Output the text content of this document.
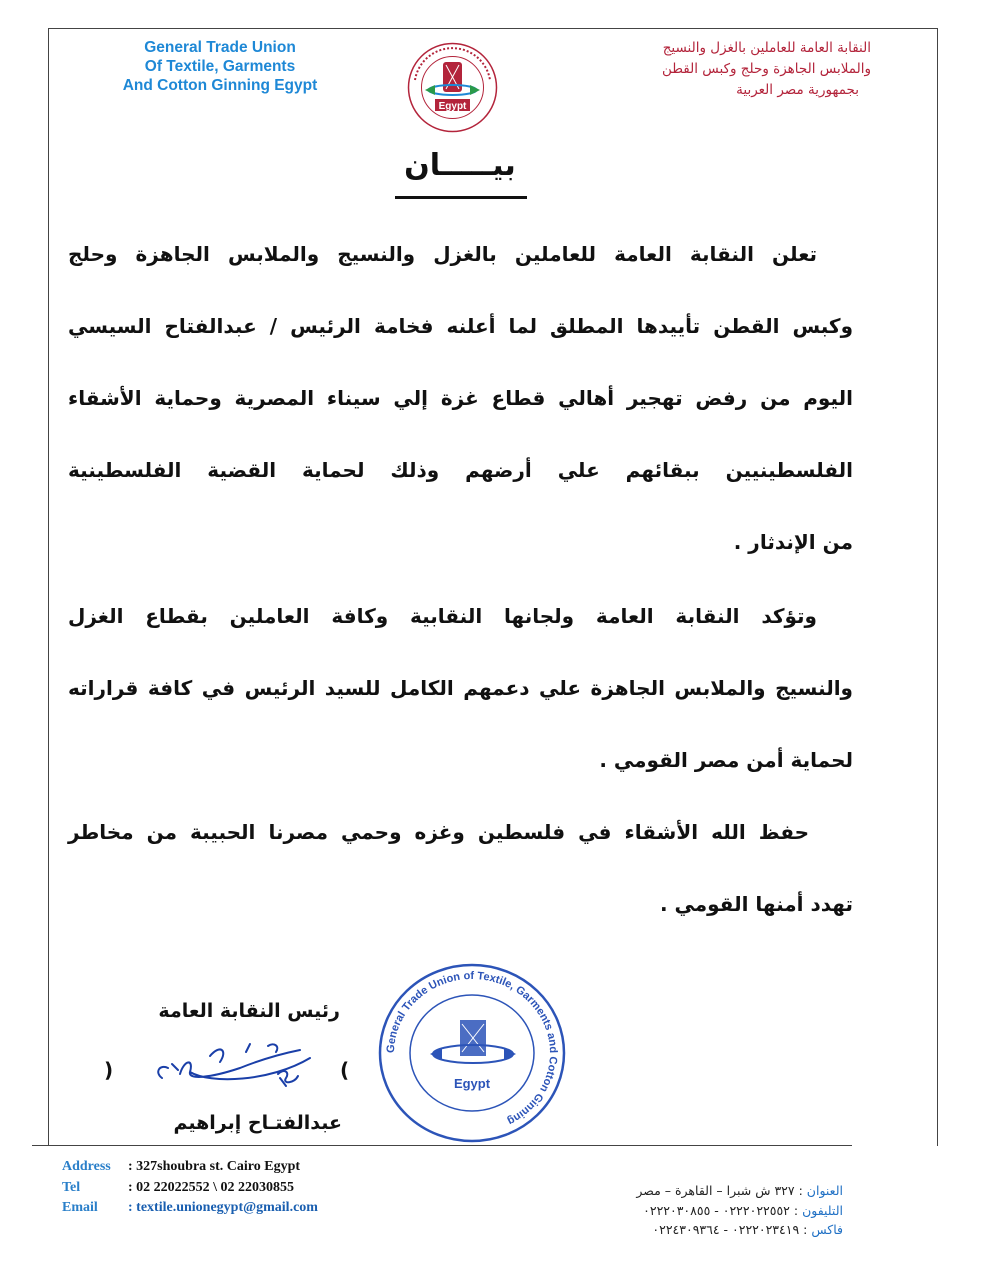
General Trade Union
Of Textile, Garments
And Cotton Ginning Egypt
Egypt
النقابة العامة للعاملين بالغزل والنسيج
والملابس الجاهزة وحلج وكبس القطن
بجمهورية مصر العربية
بيـــــان
تعلن النقابة العامة للعاملين بالغزل والنسيج والملابس الجاهزة وحلج
وكبس القطن تأييدها المطلق لما أعلنه فخامة الرئيس / عبدالفتاح السيسي
اليوم من رفض تهجير أهالي قطاع غزة إلي سيناء المصرية وحماية الأشقاء
الفلسطينيين ببقائهم علي أرضهم وذلك لحماية القضية الفلسطينية
من الإندثار .
وتؤكد النقابة العامة ولجانها النقابية وكافة العاملين بقطاع الغزل
والنسيج والملابس الجاهزة علي دعمهم الكامل للسيد الرئيس في كافة قراراته
لحماية أمن مصر القومي .
حفظ الله الأشقاء في فلسطين وغزه وحمي مصرنا الحبيبة من مخاطر
تهدد أمنها القومي .
رئيس النقابة العامة
(
)
عبدالفتـاح إبراهيم
General Trade Union of Textile, Garments and Cotton Ginning
Egypt
Address	: 327shoubra st. Cairo Egypt
Tel	: 02 22022552 \ 02 22030855
Email	: textile.unionegypt@gmail.com
العنوان : ٣٢٧ ش شبرا – القاهرة – مصر
التليفون : ٠٢٢٢٠٢٢٥٥٢ - ٠٢٢٢٠٣٠٨٥٥
فاكس : ٠٢٢٢٠٢٣٤١٩ - ٠٢٢٤٣٠٩٣٦٤
